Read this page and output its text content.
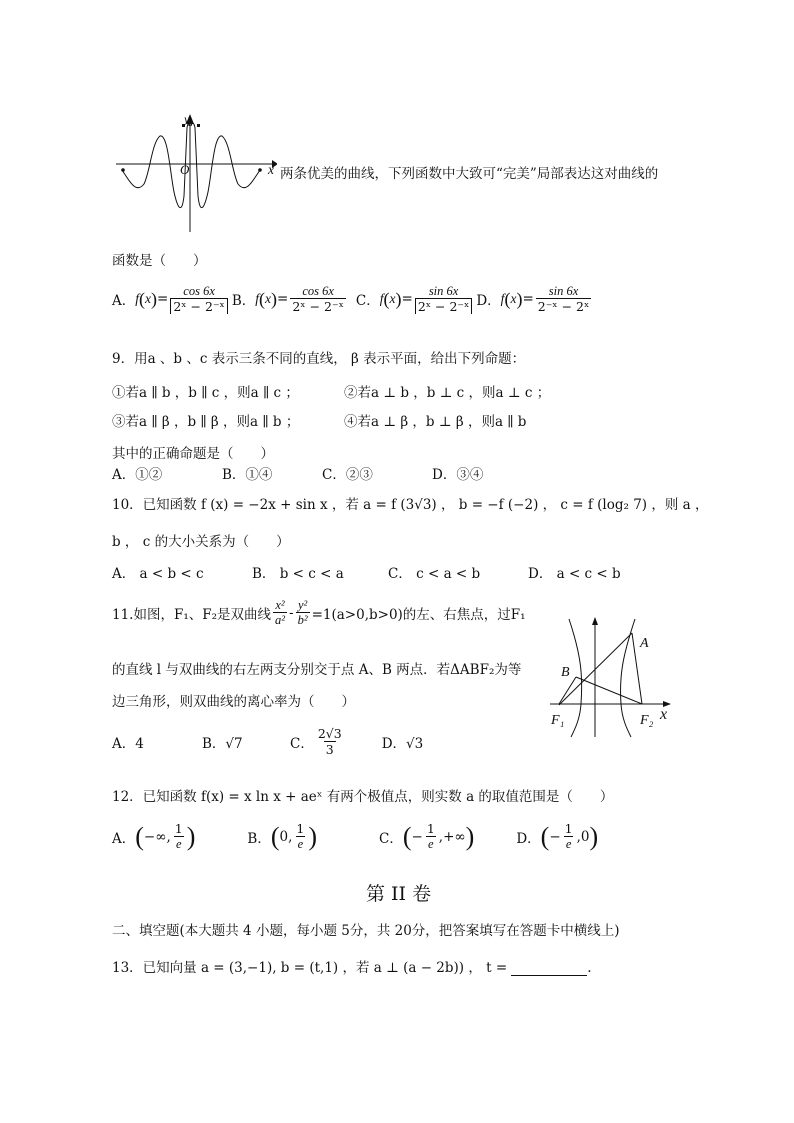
y
O	x 两条优美的曲线，下列函数中大致可“完美”局部表达这对曲线的
函数是（　　）
A． f ( x ) = $\frac{\cos 6x}{\text{2ˣ − 2⁻ˣ}}$ B． f ( x ) = $\frac{\cos 6x}{\text{2ˣ − 2⁻ˣ}}$ C． f ( x ) = $\frac{\sin 6x}{\text{2ˣ − 2⁻ˣ}}$ D． f ( x ) = $\frac{\sin 6x}{\text{2⁻ˣ − 2ˣ}}$
9．用a 、b 、c 表示三条不同的直线， β 表示平面，给出下列命题：
①若a ∥ b ，b ∥ c ，则a ∥ c ；	②若a ⊥ b ，b ⊥ c ，则a ⊥ c ；
③若a ∥ β ，b ∥ β ，则a ∥ b ；	④若a ⊥ β ，b ⊥ β ，则a ∥ b
其中的正确命题是（　　）
A．①②	B．①④	C．②③	D．③④
10．已知函数 f (x) = −2x + sin x ，若 a = f (3√3) ， b = −f (−2) ， c = f (log₂ 7) ，则 a ，
b ， c 的大小关系为（　　）
A． a < b < c	B． b < c < a	C． c < a < b	D． a < c < b
11.如图，F₁、F₂是双曲线 $\frac{\text{x²}}{\text{a²}} - \frac{\text{y²}}{\text{b²}} =1(a>0,b>0)$的左、右焦点，过F₁
的直线 l 与双曲线的右左两支分别交于点 A、B 两点．若ΔABF₂为等
边三角形，则双曲线的离心率为（　　）
A．4	B．√7	C． $\frac{2√3}{3}$	D．√3
A
B
F₁	F₂ x
12．已知函数 f(x) = x ln x + aeˣ 有两个极值点，则实数 a 的取值范围是（　　）
A． ( −∞, $\frac{1}{e}$ )	B． ( 0, $\frac{1}{e}$ )	C． ( − $\frac{1}{e}$ ,+∞ )	D． ( − $\frac{1}{e} ,0$ )
第 II 卷
二、填空题(本大题共 4 小题，每小题 5分，共 20分，把答案填写在答题卡中横线上)
13．已知向量 a = (3,−1), b = (t,1) ，若 a ⊥ (a − 2b)) ， t =	.
